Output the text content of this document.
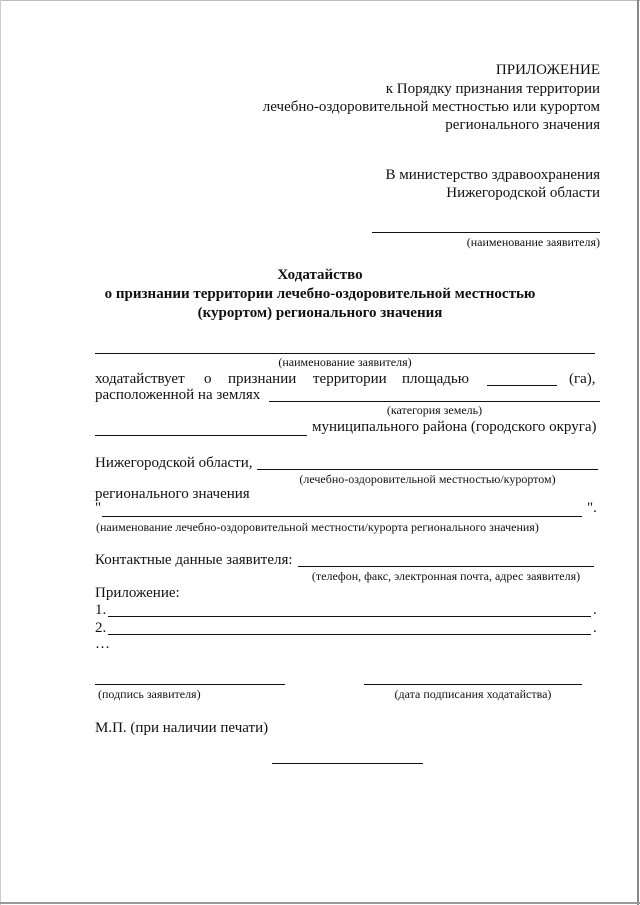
ПРИЛОЖЕНИЕ
к Порядку признания территории
лечебно-оздоровительной местностью или курортом
регионального значения
В министерство здравоохранения
Нижегородской области
(наименование заявителя)
Ходатайство
о признании территории лечебно-оздоровительной местностью
(курортом) регионального значения
(наименование заявителя)
ходатайствует о признании территории площадью	(га),
расположенной на землях
(категория земель)
муниципального района (городского округа)
Нижегородской области,
(лечебно-оздоровительной местностью/курортом)
регионального значения
"	".
(наименование лечебно-оздоровительной местности/курорта регионального значения)
Контактные данные заявителя:
(телефон, факс, электронная почта, адрес заявителя)
Приложение:
1.	.
2.	.
…
(подпись заявителя)	(дата подписания ходатайства)
М.П. (при наличии печати)
